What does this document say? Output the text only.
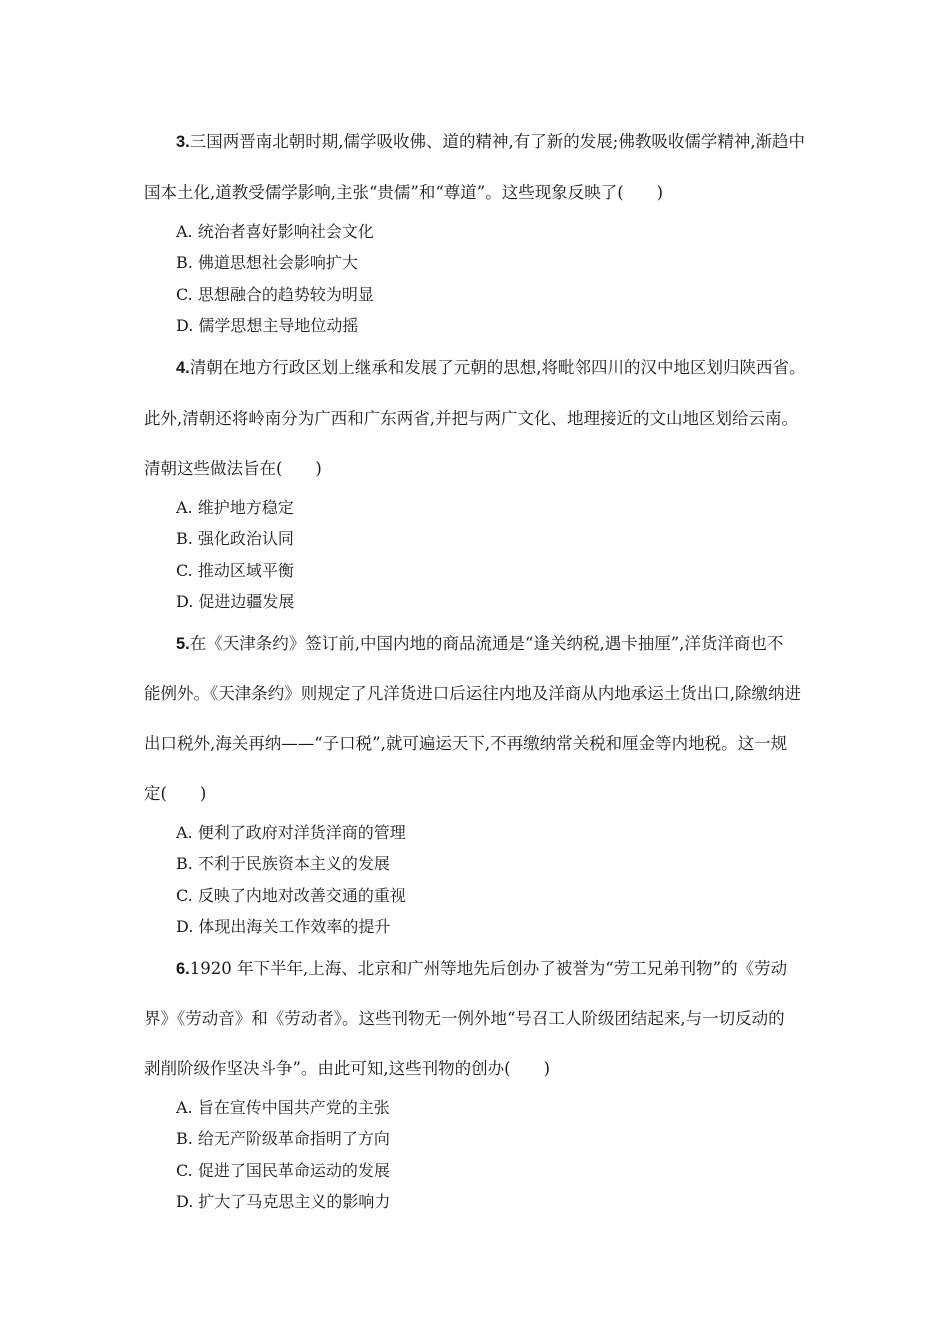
3.三国两晋南北朝时期,儒学吸收佛、道的精神,有了新的发展;佛教吸收儒学精神,渐趋中
国本土化,道教受儒学影响,主张“贵儒”和“尊道”。这些现象反映了(　　)
A. 统治者喜好影响社会文化
B. 佛道思想社会影响扩大
C. 思想融合的趋势较为明显
D. 儒学思想主导地位动摇
4.清朝在地方行政区划上继承和发展了元朝的思想,将毗邻四川的汉中地区划归陕西省。
此外,清朝还将岭南分为广西和广东两省,并把与两广文化、地理接近的文山地区划给云南。
清朝这些做法旨在(　　)
A. 维护地方稳定
B. 强化政治认同
C. 推动区域平衡
D. 促进边疆发展
5.在《天津条约》签订前,中国内地的商品流通是“逢关纳税,遇卡抽厘”,洋货洋商也不
能例外。《天津条约》则规定了凡洋货进口后运往内地及洋商从内地承运土货出口,除缴纳进
出口税外,海关再纳——“子口税”,就可遍运天下,不再缴纳常关税和厘金等内地税。这一规
定(　　)
A. 便利了政府对洋货洋商的管理
B. 不利于民族资本主义的发展
C. 反映了内地对改善交通的重视
D. 体现出海关工作效率的提升
6.1920 年下半年,上海、北京和广州等地先后创办了被誉为“劳工兄弟刊物”的《劳动
界》《劳动音》和《劳动者》。这些刊物无一例外地“号召工人阶级团结起来,与一切反动的
剥削阶级作坚决斗争”。由此可知,这些刊物的创办(　　)
A. 旨在宣传中国共产党的主张
B. 给无产阶级革命指明了方向
C. 促进了国民革命运动的发展
D. 扩大了马克思主义的影响力
